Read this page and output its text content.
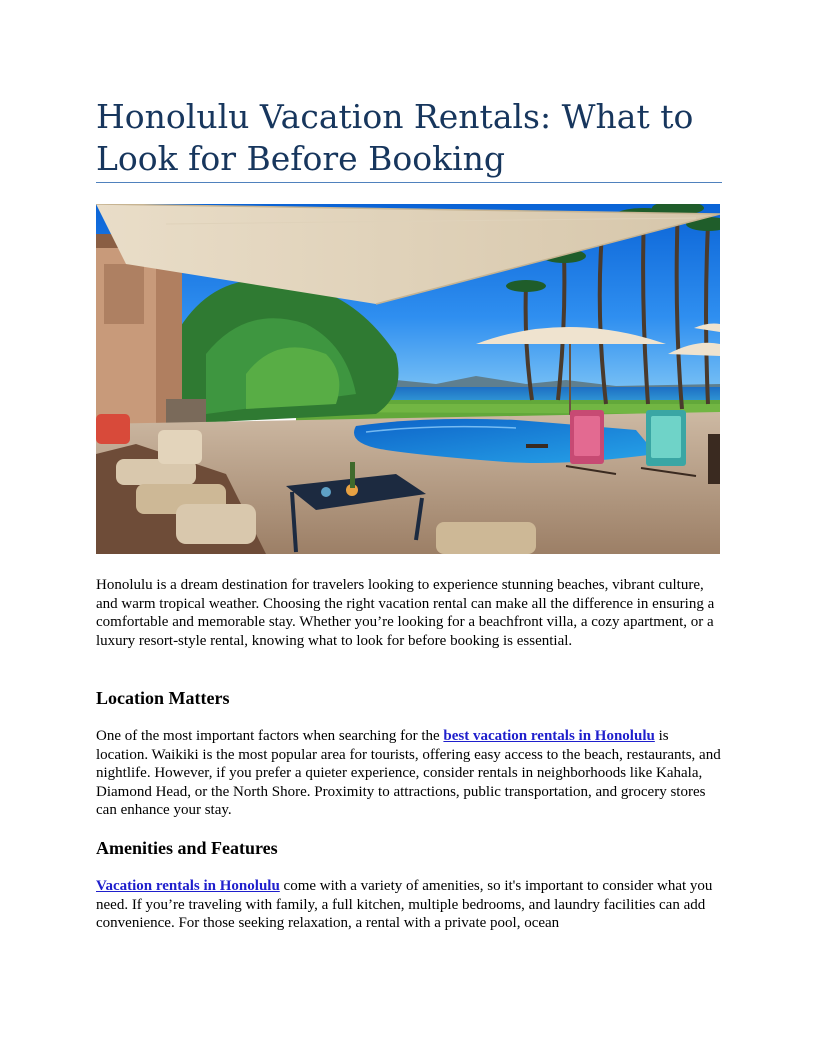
Honolulu Vacation Rentals: What to Look for Before Booking

Honolulu is a dream destination for travelers looking to experience stunning beaches, vibrant culture, and warm tropical weather. Choosing the right vacation rental can make all the difference in ensuring a comfortable and memorable stay. Whether you’re looking for a beachfront villa, a cozy apartment, or a luxury resort-style rental, knowing what to look for before booking is essential.

Location Matters

One of the most important factors when searching for the best vacation rentals in Honolulu is location. Waikiki is the most popular area for tourists, offering easy access to the beach, restaurants, and nightlife. However, if you prefer a quieter experience, consider rentals in neighborhoods like Kahala, Diamond Head, or the North Shore. Proximity to attractions, public transportation, and grocery stores can enhance your stay.

Amenities and Features

Vacation rentals in Honolulu come with a variety of amenities, so it's important to consider what you need. If you’re traveling with family, a full kitchen, multiple bedrooms, and laundry facilities can add convenience. For those seeking relaxation, a rental with a private pool, ocean
